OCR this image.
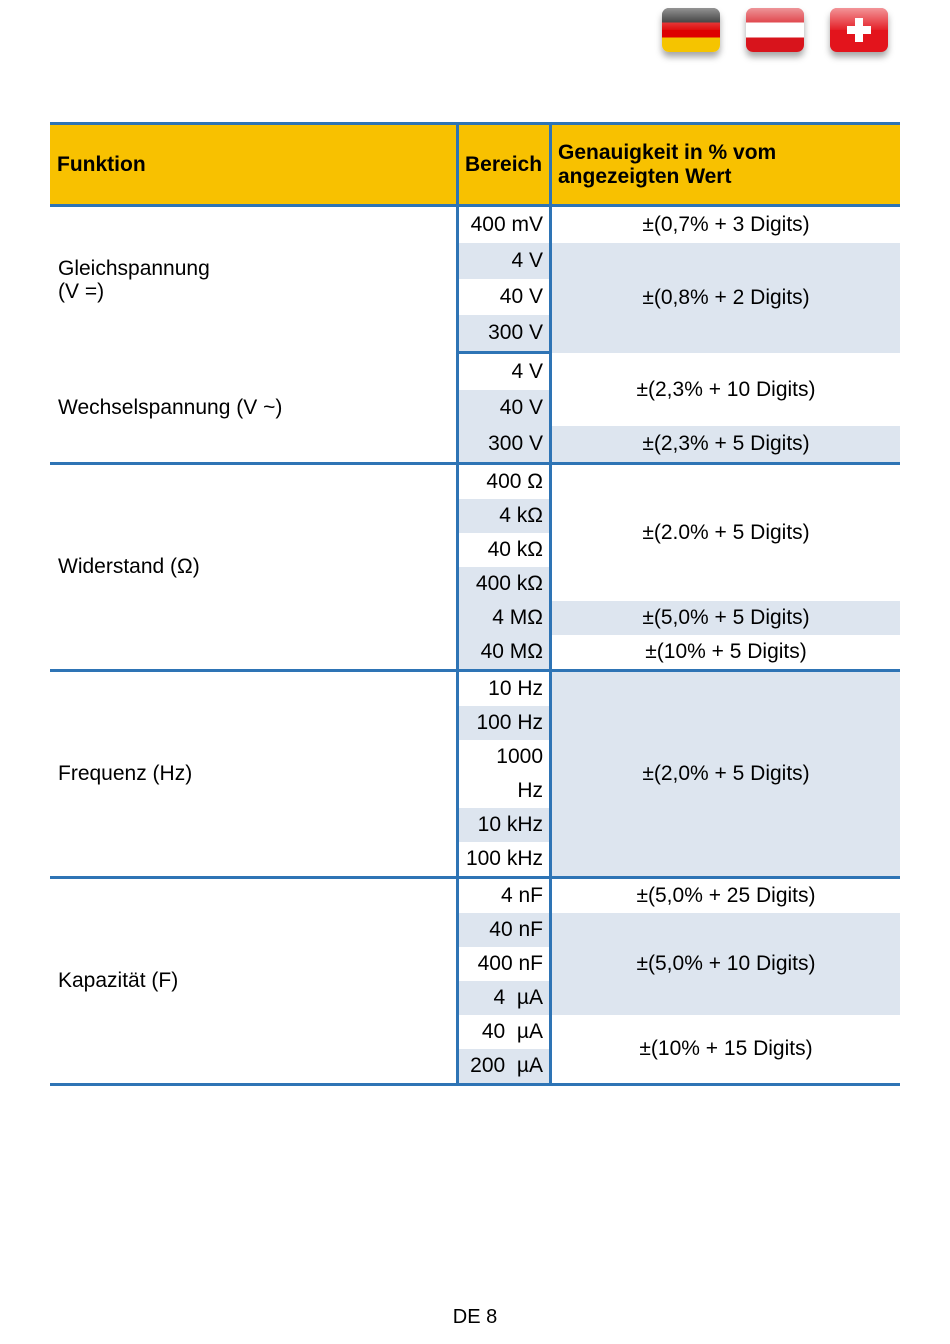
Funktion	Bereich	Genauigkeit in % vom
angezeigten Wert
Gleichspannung
(V =)	400 mV	±(0,7% + 3 Digits)
	4 V	±(0,8% + 2 Digits)
	40 V	
	300 V	
Wechselspannung (V ~)	4 V	±(2,3% + 10 Digits)
	40 V	
	300 V	±(2,3% + 5 Digits)
Widerstand (Ω)	400 Ω	±(2.0% + 5 Digits)
	4 kΩ	
	40 kΩ	
	400 kΩ	
	4 MΩ	±(5,0% + 5 Digits)
	40 MΩ	±(10% + 5 Digits)
Frequenz (Hz)	10 Hz	±(2,0% + 5 Digits)
	100 Hz	

	1000 Hz	

	10 kHz	
	100 kHz	
Kapazität (F)	4 nF	±(5,0% + 25 Digits)
	40 nF	±(5,0% + 10 Digits)
	400 nF	
	4  µA	
	40  µA	±(10% + 15 Digits)
	200  µA	
DE 8
